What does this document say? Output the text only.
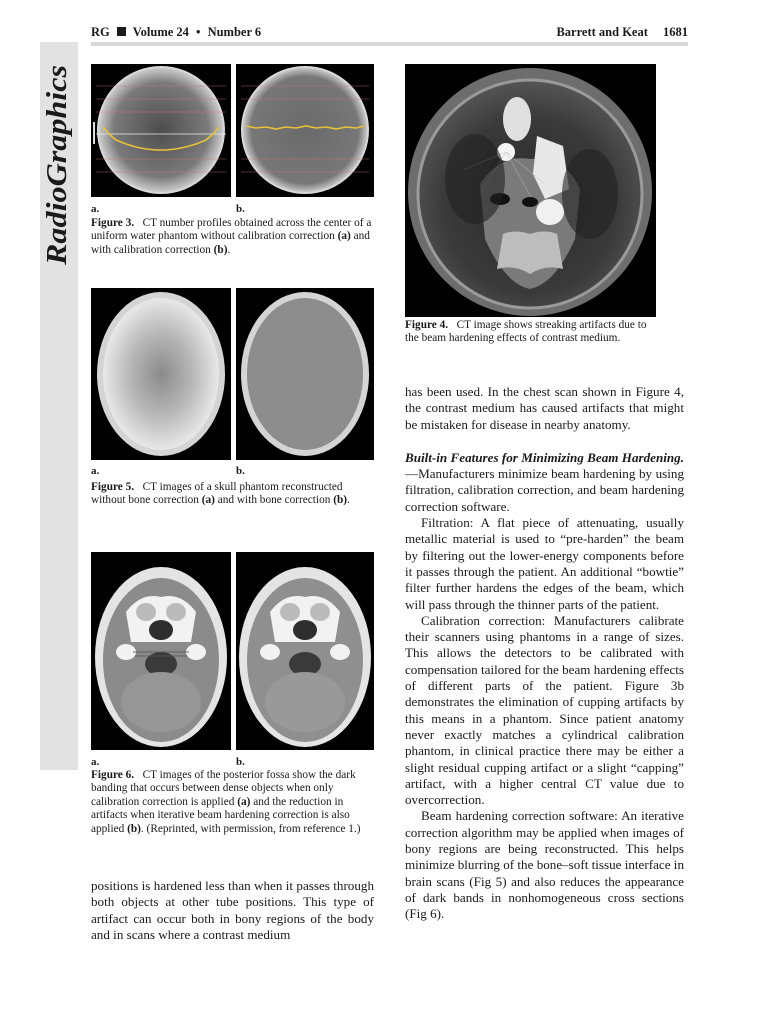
RG Volume 24 • Number 6	Barrett and Keat 1681
RadioGraphics a.	b.
Figure 3. CT number profiles obtained across the center of a uniform water phantom without calibration correction (a) and with calibration correction (b).
Figure 4. CT image shows streaking artifacts due to the beam hardening effects of contrast medium.
a.	b.
Figure 5. CT images of a skull phantom reconstructed without bone correction (a) and with bone correction (b).
a.	b.
Figure 6. CT images of the posterior fossa show the dark banding that occurs between dense objects when only calibration correction is applied (a) and the reduction in artifacts when iterative beam hardening correction is also applied (b). (Reprinted, with permission, from reference 1.)

positions is hardened less than when it passes through both objects at other tube positions. This type of artifact can occur both in bony regions of the body and in scans where a contrast medium

has been used. In the chest scan shown in Figure 4, the contrast medium has caused artifacts that might be mistaken for disease in nearby anatomy.

Built-in Features for Minimizing Beam Hardening.—Manufacturers minimize beam hardening by using filtration, calibration correction, and beam hardening correction software.

Filtration: A flat piece of attenuating, usually metallic material is used to “pre-harden” the beam by filtering out the lower-energy components before it passes through the patient. An additional “bowtie” filter further hardens the edges of the beam, which will pass through the thinner parts of the patient.

Calibration correction: Manufacturers calibrate their scanners using phantoms in a range of sizes. This allows the detectors to be calibrated with compensation tailored for the beam hardening effects of different parts of the patient. Figure 3b demonstrates the elimination of cupping artifacts by this means in a phantom. Since patient anatomy never exactly matches a cylindrical calibration phantom, in clinical practice there may be either a slight residual cupping artifact or a slight “capping” artifact, with a higher central CT value due to overcorrection.

Beam hardening correction software: An iterative correction algorithm may be applied when images of bony regions are being reconstructed. This helps minimize blurring of the bone–soft tissue interface in brain scans (Fig 5) and also reduces the appearance of dark bands in nonhomogeneous cross sections (Fig 6).
